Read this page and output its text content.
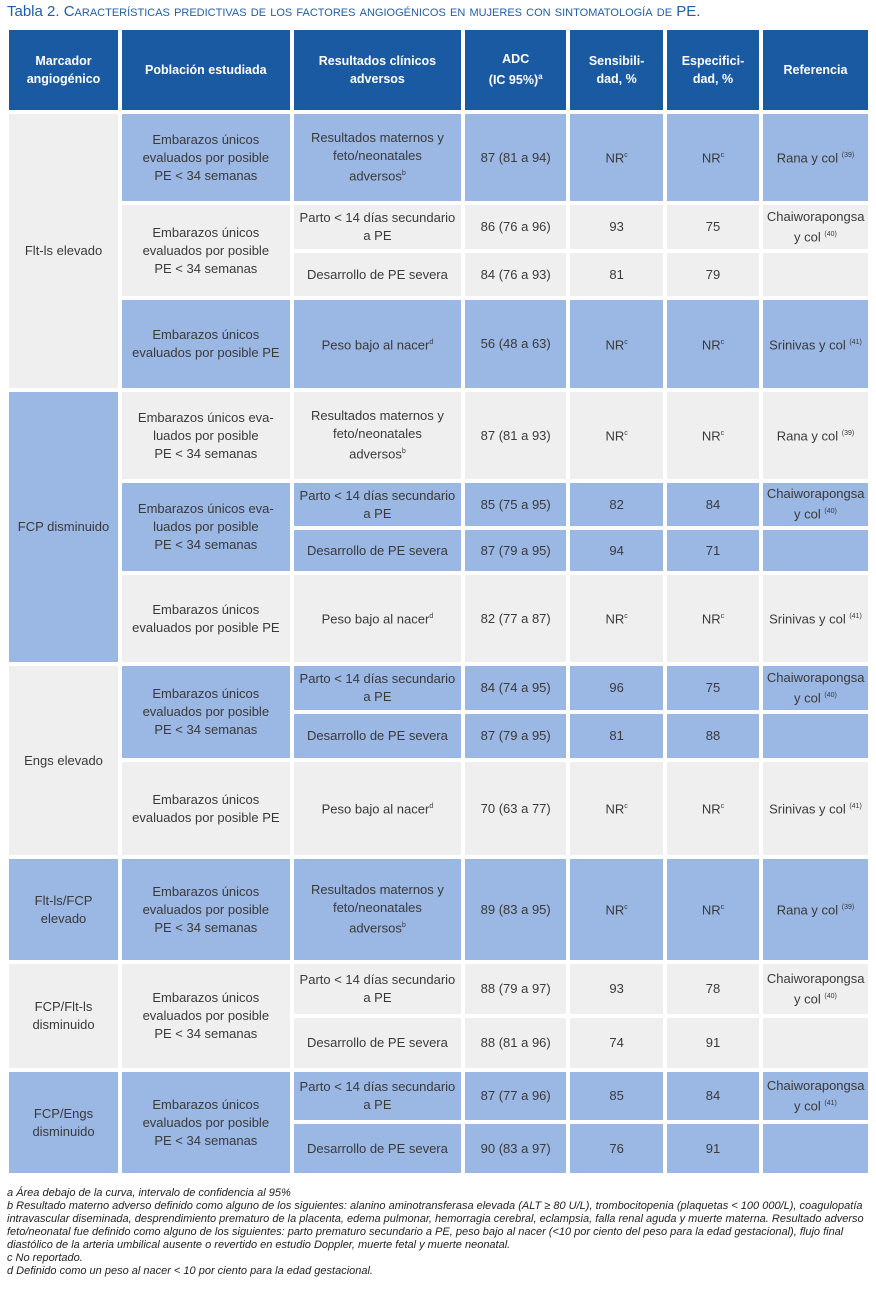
Tabla 2. Características predictivas de los factores angiogénicos en mujeres con sintomatología de PE.
Marcador
angiogénico	Población estudiada	Resultados clínicos
adversos	ADC
(IC 95%)$^a$	Sensibili-
dad, %	Especifici-
dad, %	Referencia
Flt-ls elevado	Embarazos únicos
evaluados por posible
PE < 34 semanas	Resultados maternos y
feto/neonatales
adversos$^b$	87 (81 a 94)	$NR^c$	$NR^c$	Rana y col $^{(39)}$
	Embarazos únicos
evaluados por posible
PE < 34 semanas	Parto < 14 días secundario
a PE	86 (76 a 96)	93	75	Chaiworapongsa
y col $^{(40)}$
		Desarrollo de PE severa	84 (76 a 93)	81	79	
	Embarazos únicos
evaluados por posible PE	Peso bajo al nacer$^d$	56 (48 a 63)	$NR^c$	$NR^c$	Srinivas y col $^{(41)}$
FCP disminuido	Embarazos únicos eva-
luados por posible
PE < 34 semanas	Resultados maternos y
feto/neonatales
adversos$^b$	87 (81 a 93)	$NR^c$	$NR^c$	Rana y col $^{(39)}$
	Embarazos únicos eva-
luados por posible
PE < 34 semanas	Parto < 14 días secundario
a PE	85 (75 a 95)	82	84	Chaiworapongsa
y col $^{(40)}$
		Desarrollo de PE severa	87 (79 a 95)	94	71	
	Embarazos únicos
evaluados por posible PE	Peso bajo al nacer$^d$	82 (77 a 87)	$NR^c$	$NR^c$	Srinivas y col $^{(41)}$
Engs elevado	Embarazos únicos
evaluados por posible
PE < 34 semanas	Parto < 14 días secundario
a PE	84 (74 a 95)	96	75	Chaiworapongsa
y col $^{(40)}$
		Desarrollo de PE severa	87 (79 a 95)	81	88	
	Embarazos únicos
evaluados por posible PE	Peso bajo al nacer$^d$	70 (63 a 77)	$NR^c$	$NR^c$	Srinivas y col $^{(41)}$
Flt-ls/FCP
elevado	Embarazos únicos
evaluados por posible
PE < 34 semanas	Resultados maternos y
feto/neonatales
adversos$^b$	89 (83 a 95)	$NR^c$	$NR^c$	Rana y col $^{(39)}$
FCP/Flt-ls
disminuido	Embarazos únicos
evaluados por posible
PE < 34 semanas	Parto < 14 días secundario
a PE	88 (79 a 97)	93	78	Chaiworapongsa
y col $^{(40)}$
		Desarrollo de PE severa	88 (81 a 96)	74	91	
FCP/Engs
disminuido	Embarazos únicos
evaluados por posible
PE < 34 semanas	Parto < 14 días secundario
a PE	87 (77 a 96)	85	84	Chaiworapongsa
y col $^{(41)}$
		Desarrollo de PE severa	90 (83 a 97)	76	91	

a Área debajo de la curva, intervalo de confidencia al 95%

b Resultado materno adverso definido como alguno de los siguientes: alanino aminotransferasa elevada (ALT ≥ 80 U/L), trombocitopenia (plaquetas < 100 000/L), coagulopatía intravascular diseminada, desprendimiento prematuro de la placenta, edema pulmonar, hemorragia cerebral, eclampsia, falla renal aguda y muerte materna. Resultado adverso feto/neonatal fue definido como alguno de los siguientes: parto prematuro secundario a PE, peso bajo al nacer (<10 por ciento del peso para la edad gestacional), flujo final diastólico de la arteria umbilical ausente o revertido en estudio Doppler, muerte fetal y muerte neonatal.

c No reportado.

d Definido como un peso al nacer < 10 por ciento para la edad gestacional.
